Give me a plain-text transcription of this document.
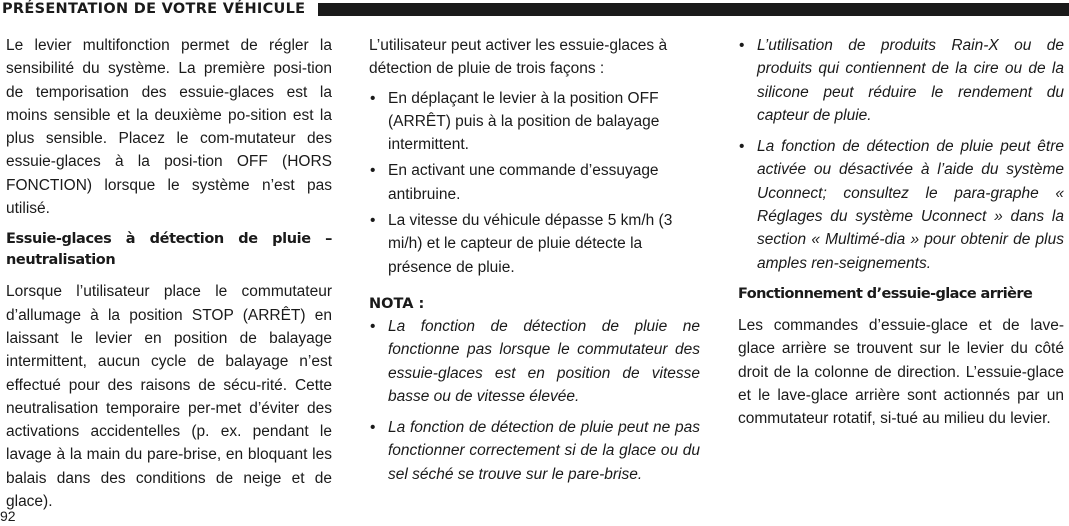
PRÉSENTATION DE VOTRE VÉHICULE

Le levier multifonction permet de régler la sensibilité du système. La première posi-tion de temporisation des essuie-glaces est la moins sensible et la deuxième po-sition est la plus sensible. Placez le com-mutateur des essuie-glaces à la posi-tion OFF (HORS FONCTION) lorsque le système n’est pas utilisé.

Essuie-glaces à détection de pluie – neutralisation

Lorsque l’utilisateur place le commutateur d’allumage à la position STOP (ARRÊT) en laissant le levier en position de balayage intermittent, aucun cycle de balayage n’est effectué pour des raisons de sécu-rité. Cette neutralisation temporaire per-met d’éviter des activations accidentelles (p. ex. pendant le lavage à la main du pare-brise, en bloquant les balais dans des conditions de neige et de glace).

L’utilisateur peut activer les essuie-glaces à détection de pluie de trois façons :

• En déplaçant le levier à la position OFF (ARRÊT) puis à la position de balayage intermittent.
• En activant une commande d’essuyage antibruine.
• La vitesse du véhicule dépasse 5 km/h (3 mi/h) et le capteur de pluie détecte la présence de pluie.
NOTA :
• La fonction de détection de pluie ne fonctionne pas lorsque le commutateur des essuie-glaces est en position de vitesse basse ou de vitesse élevée.
• La fonction de détection de pluie peut ne pas fonctionner correctement si de la glace ou du sel séché se trouve sur le pare-brise.
• L’utilisation de produits Rain-X ou de produits qui contiennent de la cire ou de la silicone peut réduire le rendement du capteur de pluie.
• La fonction de détection de pluie peut être activée ou désactivée à l’aide du système Uconnect; consultez le para-graphe « Réglages du système Uconnect » dans la section « Multimé-dia » pour obtenir de plus amples ren-seignements.
Fonctionnement d’essuie-glace arrière

Les commandes d’essuie-glace et de lave-glace arrière se trouvent sur le levier du côté droit de la colonne de direction. L’essuie-glace et le lave-glace arrière sont actionnés par un commutateur rotatif, si-tué au milieu du levier.

92
